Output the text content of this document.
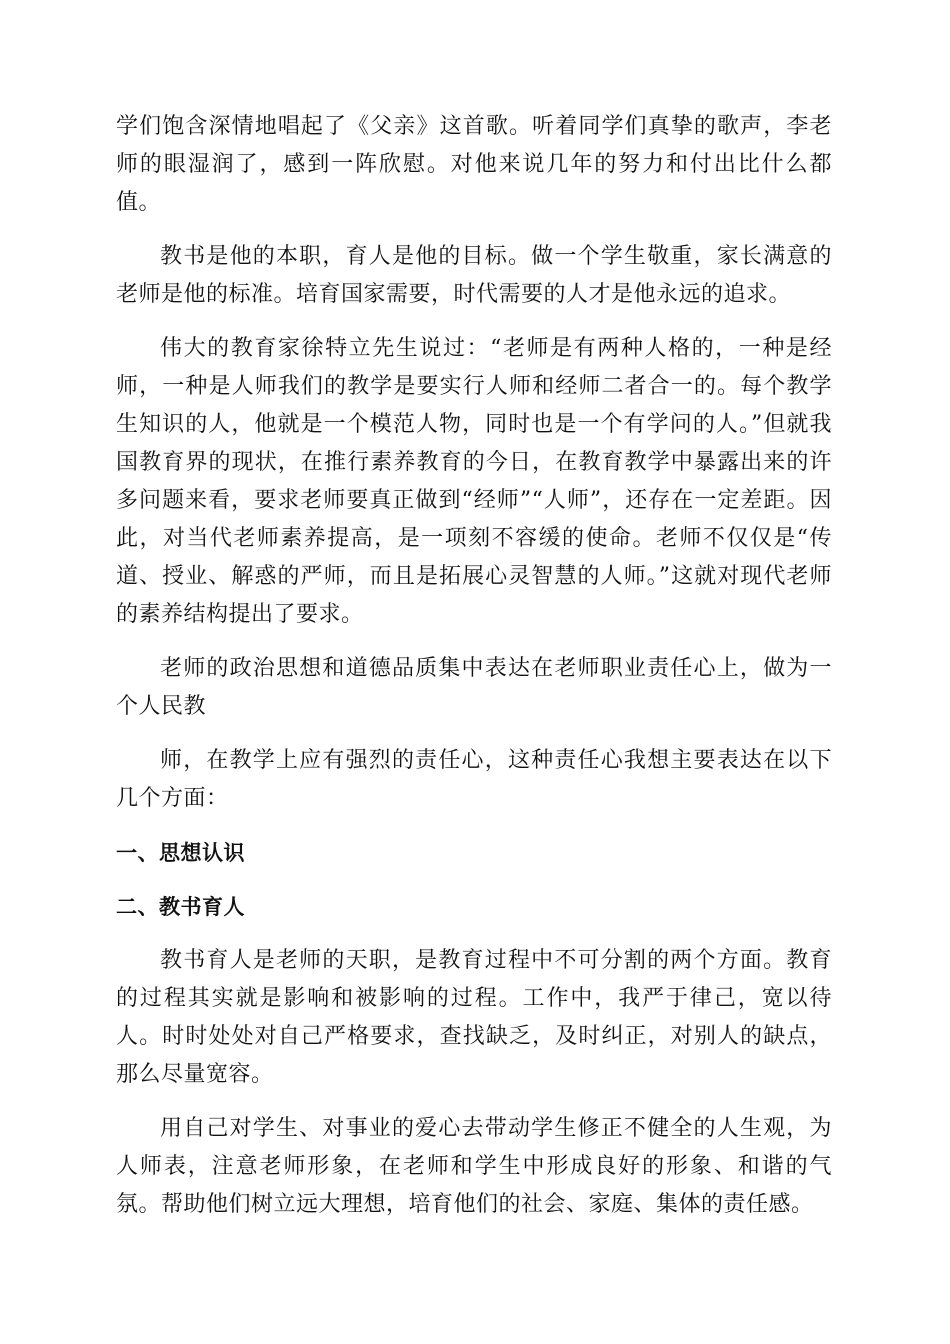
学们饱含深情地唱起了《父亲》这首歌。听着同学们真挚的歌声，李老师的眼湿润了，感到一阵欣慰。对他来说几年的努力和付出比什么都值。

教书是他的本职，育人是他的目标。做一个学生敬重，家长满意的老师是他的标准。培育国家需要，时代需要的人才是他永远的追求。

伟大的教育家徐特立先生说过：“老师是有两种人格的，一种是经师，一种是人师我们的教学是要实行人师和经师二者合一的。每个教学生知识的人，他就是一个模范人物，同时也是一个有学问的人。”但就我国教育界的现状，在推行素养教育的今日，在教育教学中暴露出来的许多问题来看，要求老师要真正做到“经师”“人师”，还存在一定差距。因此，对当代老师素养提高，是一项刻不容缓的使命。老师不仅仅是“传道、授业、解惑的严师，而且是拓展心灵智慧的人师。”这就对现代老师的素养结构提出了要求。

老师的政治思想和道德品质集中表达在老师职业责任心上，做为一个人民教

师，在教学上应有强烈的责任心，这种责任心我想主要表达在以下几个方面：

一、思想认识
二、教书育人

教书育人是老师的天职，是教育过程中不可分割的两个方面。教育的过程其实就是影响和被影响的过程。工作中，我严于律己，宽以待人。时时处处对自己严格要求，查找缺乏，及时纠正，对别人的缺点，那么尽量宽容。

用自己对学生、对事业的爱心去带动学生修正不健全的人生观，为人师表，注意老师形象，在老师和学生中形成良好的形象、和谐的气氛。帮助他们树立远大理想，培育他们的社会、家庭、集体的责任感。
